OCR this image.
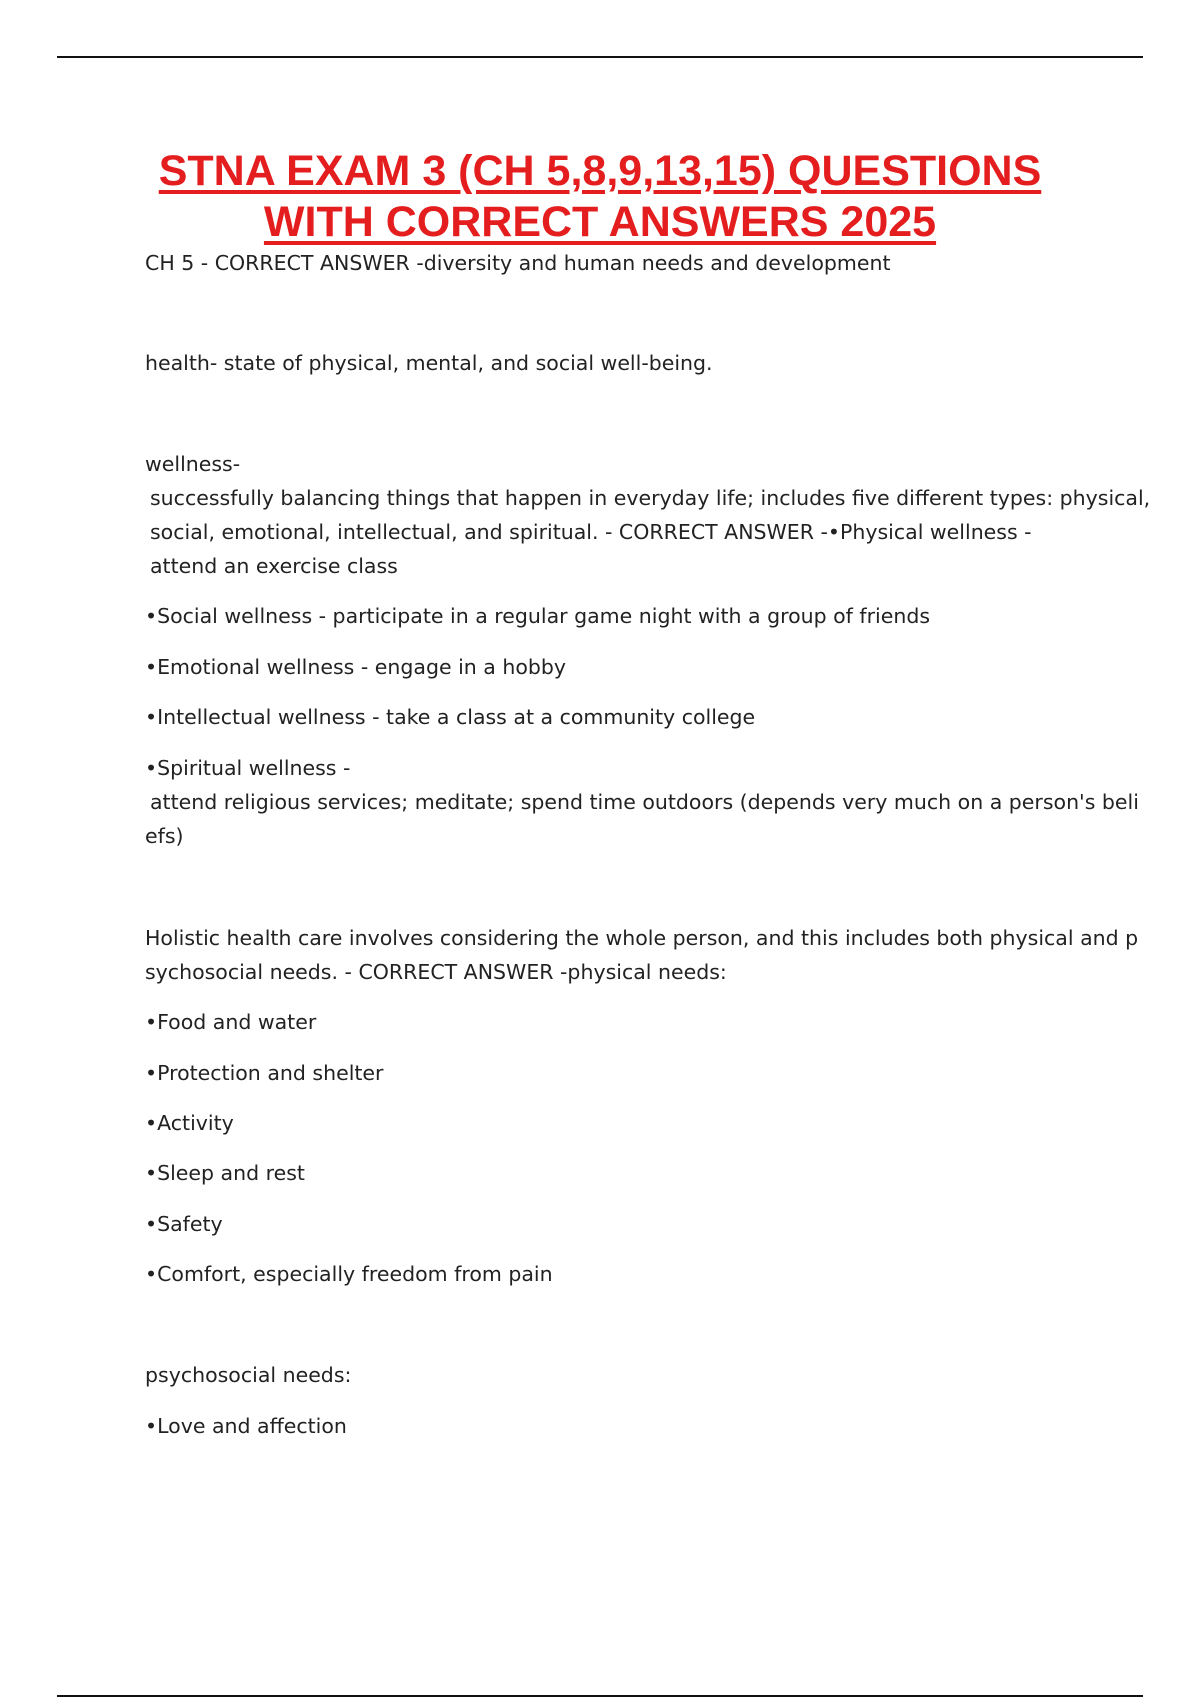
STNA EXAM 3 (CH 5,8,9,13,15) QUESTIONS
WITH CORRECT ANSWERS 2025
CH 5 - CORRECT ANSWER -diversity and human needs and development
health- state of physical, mental, and social well-being.
wellness-
successfully balancing things that happen in everyday life; includes five different types: physical,
social, emotional, intellectual, and spiritual. - CORRECT ANSWER -•Physical wellness -
attend an exercise class
•Social wellness - participate in a regular game night with a group of friends
•Emotional wellness - engage in a hobby
•Intellectual wellness - take a class at a community college
•Spiritual wellness -
attend religious services; meditate; spend time outdoors (depends very much on a person's beli
efs)
Holistic health care involves considering the whole person, and this includes both physical and p
sychosocial needs. - CORRECT ANSWER -physical needs:
•Food and water
•Protection and shelter
•Activity
•Sleep and rest
•Safety
•Comfort, especially freedom from pain
psychosocial needs:
•Love and affection
